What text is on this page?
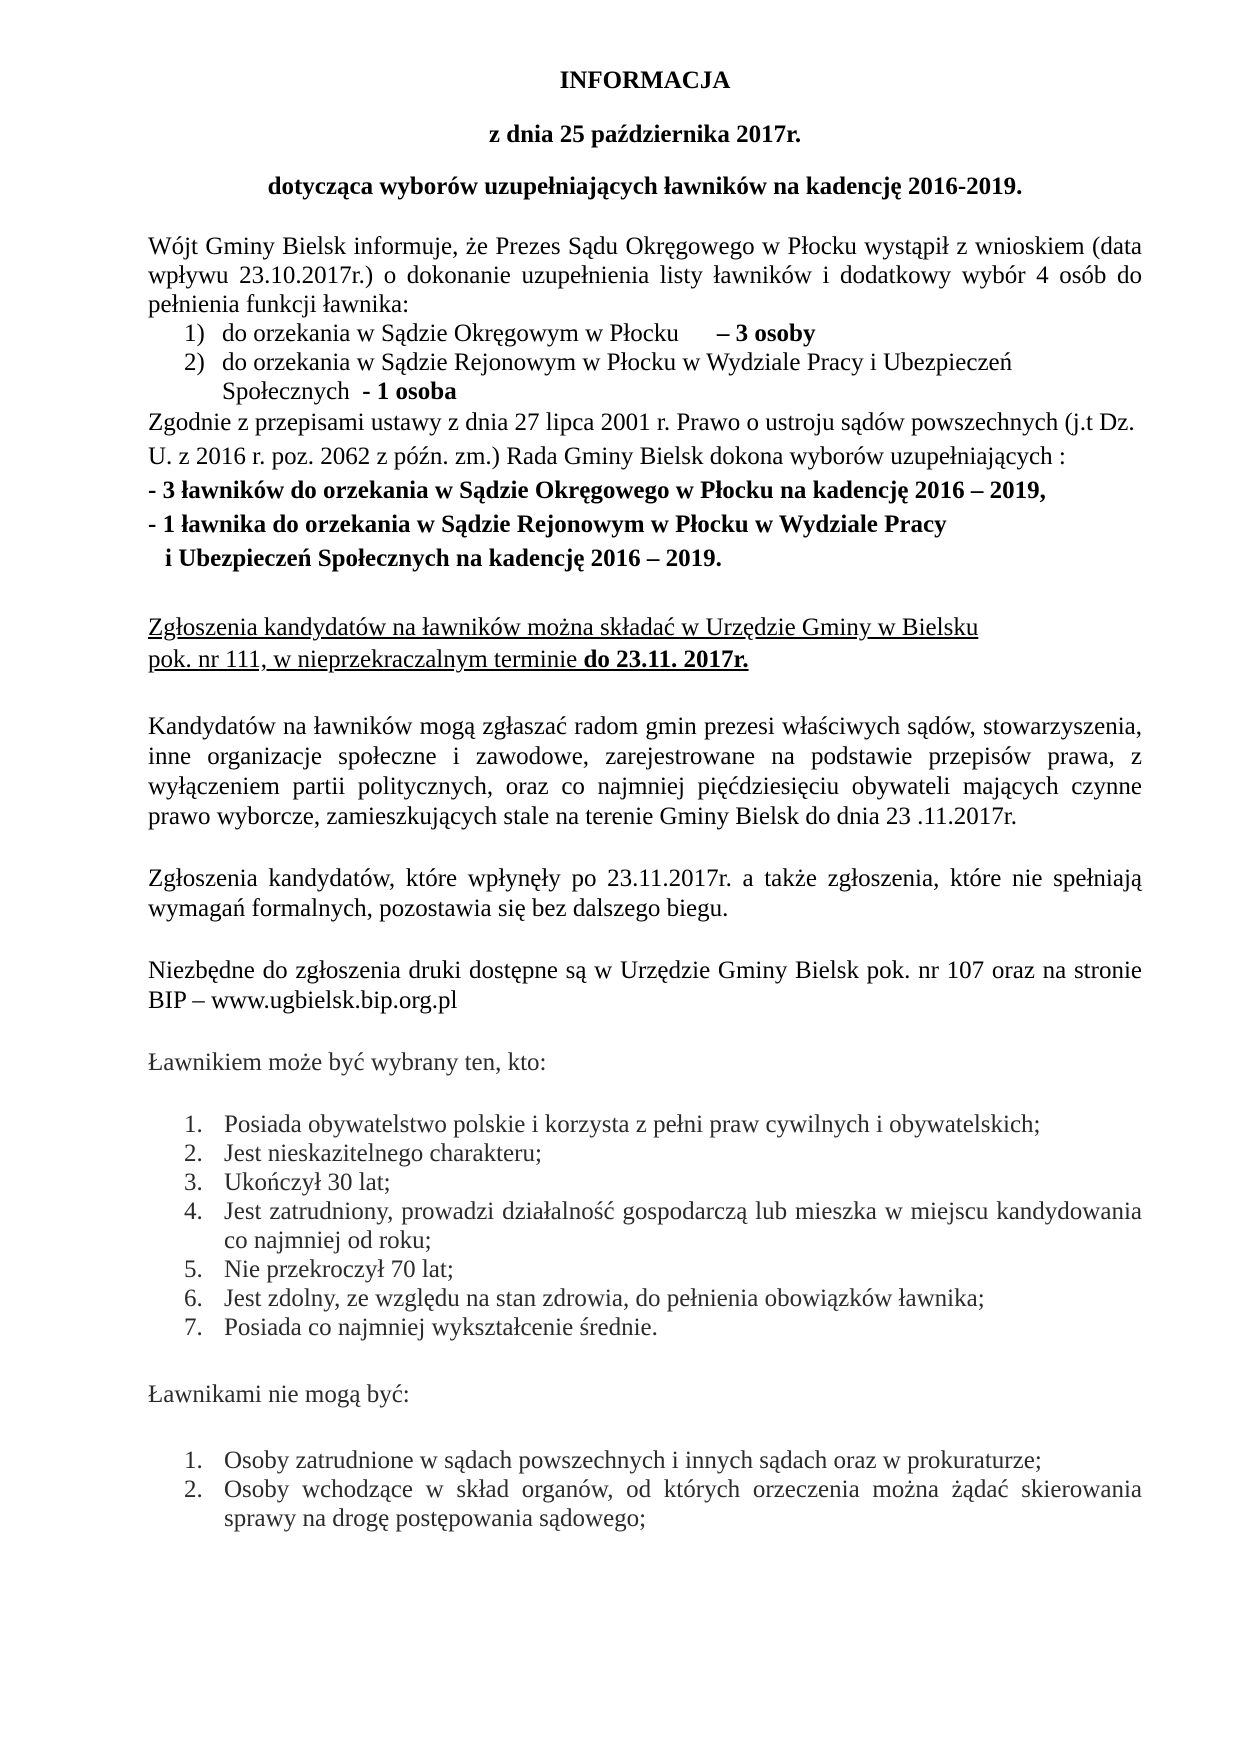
INFORMACJA
z dnia 25 października 2017r.
dotycząca wyborów uzupełniających ławników na kadencję 2016-2019.

Wójt Gminy Bielsk informuje, że Prezes Sądu Okręgowego w Płocku wystąpił z wnioskiem (data wpływu 23.10.2017r.) o dokonanie uzupełnienia listy ławników i dodatkowy wybór 4 osób do pełnienia funkcji ławnika:

1) do orzekania w Sądzie Okręgowym w Płocku – 3 osoby
2) do orzekania w Sądzie Rejonowym w Płocku w Wydziale Pracy i Ubezpieczeń Społecznych - 1 osoba

Zgodnie z przepisami ustawy z dnia 27 lipca 2001 r. Prawo o ustroju sądów powszechnych (j.t Dz. U. z 2016 r. poz. 2062 z późn. zm.) Rada Gminy Bielsk dokona wyborów uzupełniających :

- 3 ławników do orzekania w Sądzie Okręgowego w Płocku na kadencję 2016 – 2019,
- 1 ławnika do orzekania w Sądzie Rejonowym w Płocku w Wydziale Pracy
i Ubezpieczeń Społecznych na kadencję 2016 – 2019.
Zgłoszenia kandydatów na ławników można składać w Urzędzie Gminy w Bielsku
pok. nr 111, w nieprzekraczalnym terminie do 23.11. 2017r.

Kandydatów na ławników mogą zgłaszać radom gmin prezesi właściwych sądów, stowarzyszenia, inne organizacje społeczne i zawodowe, zarejestrowane na podstawie przepisów prawa, z wyłączeniem partii politycznych, oraz co najmniej pięćdziesięciu obywateli mających czynne prawo wyborcze, zamieszkujących stale na terenie Gminy Bielsk do dnia 23 .11.2017r.

Zgłoszenia kandydatów, które wpłynęły po 23.11.2017r. a także zgłoszenia, które nie spełniają wymagań formalnych, pozostawia się bez dalszego biegu.

Niezbędne do zgłoszenia druki dostępne są w Urzędzie Gminy Bielsk pok. nr 107 oraz na stronie BIP – www.ugbielsk.bip.org.pl

Ławnikiem może być wybrany ten, kto:

1. Posiada obywatelstwo polskie i korzysta z pełni praw cywilnych i obywatelskich;
2. Jest nieskazitelnego charakteru;
3. Ukończył 30 lat;
4. Jest zatrudniony, prowadzi działalność gospodarczą lub mieszka w miejscu kandydowania co najmniej od roku;
5. Nie przekroczył 70 lat;
6. Jest zdolny, ze względu na stan zdrowia, do pełnienia obowiązków ławnika;
7. Posiada co najmniej wykształcenie średnie.

Ławnikami nie mogą być:

1. Osoby zatrudnione w sądach powszechnych i innych sądach oraz w prokuraturze;
2. Osoby wchodzące w skład organów, od których orzeczenia można żądać skierowania sprawy na drogę postępowania sądowego;
